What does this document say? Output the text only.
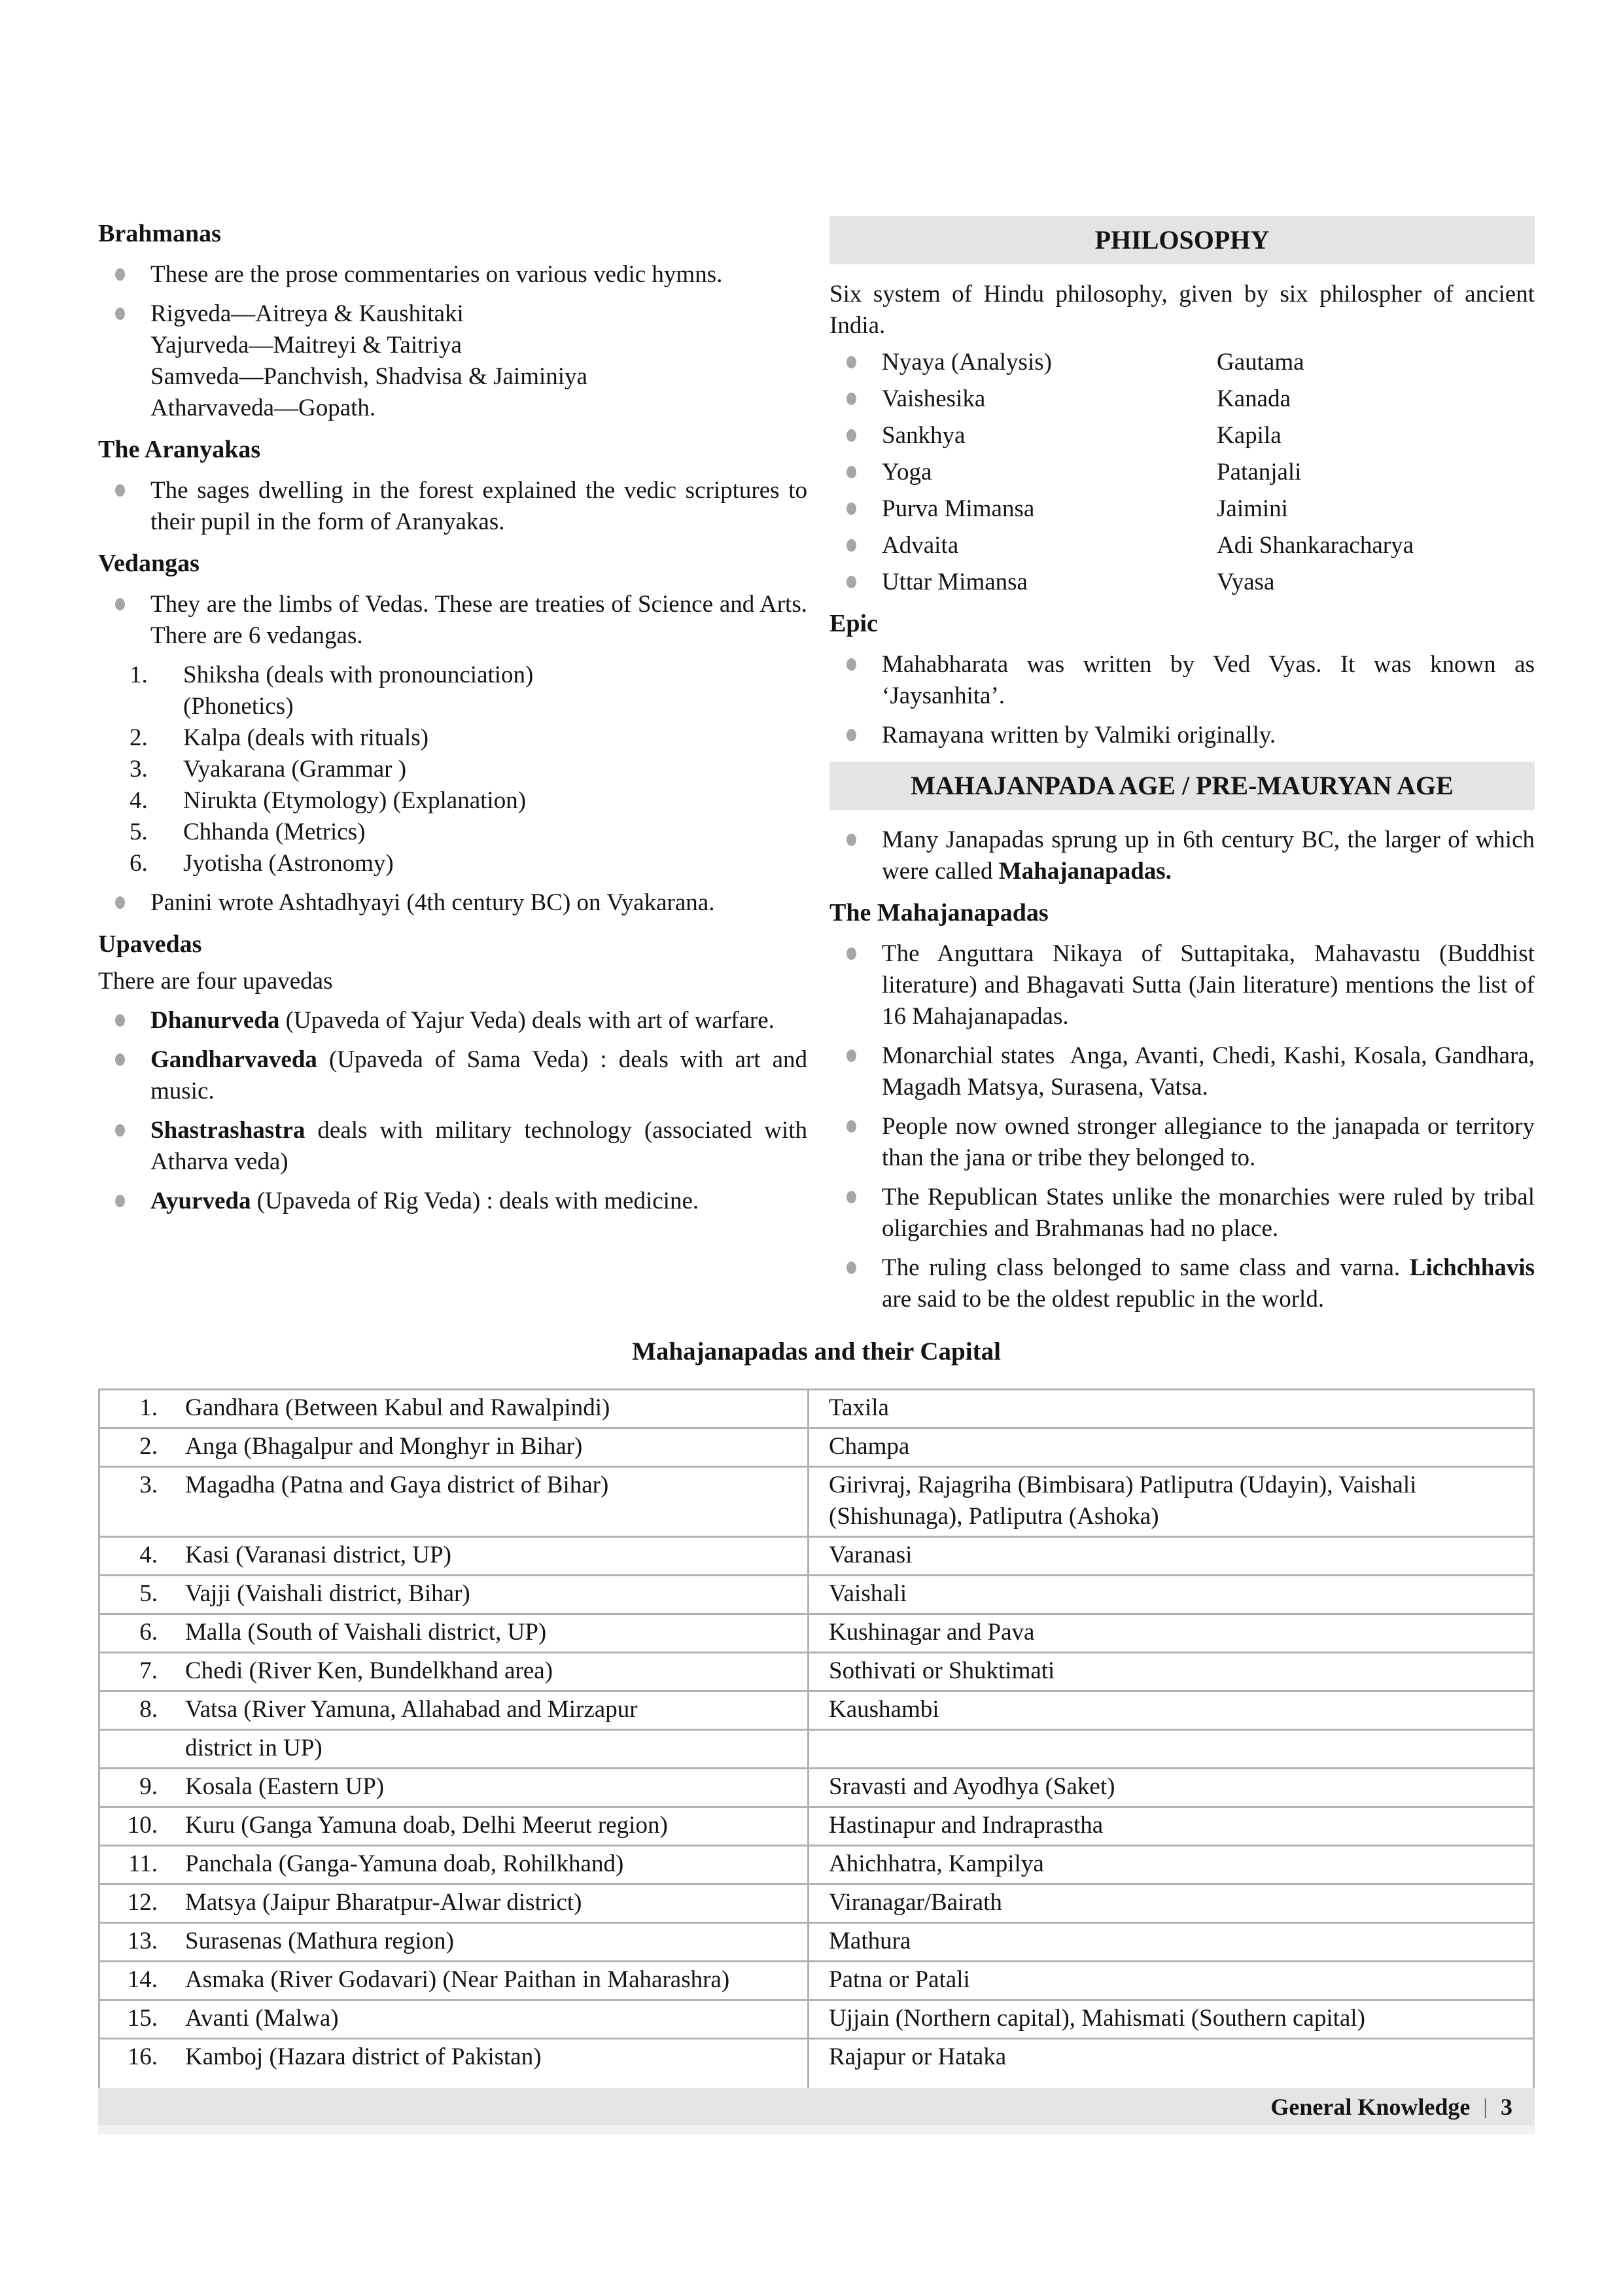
Brahmanas
These are the prose commentaries on various vedic hymns.
Rigveda—Aitreya & Kaushitaki
Yajurveda—Maitreyi & Taitriya
Samveda—Panchvish, Shadvisa & Jaiminiya
Atharvaveda—Gopath.
The Aranyakas
The sages dwelling in the forest explained the vedic scriptures to their pupil in the form of Aranyakas.
Vedangas
They are the limbs of Vedas. These are treaties of Science and Arts. There are 6 vedangas.
1. Shiksha (deals with pronounciation)
(Phonetics)
2. Kalpa (deals with rituals)
3. Vyakarana (Grammar )
4. Nirukta (Etymology) (Explanation)
5. Chhanda (Metrics)
6. Jyotisha (Astronomy)
Panini wrote Ashtadhyayi (4th century BC) on Vyakarana.
Upavedas
There are four upavedas
Dhanurveda (Upaveda of Yajur Veda) deals with art of warfare.
Gandharvaveda (Upaveda of Sama Veda) : deals with art and music.
Shastrashastra deals with military technology (associated with Atharva veda)
Ayurveda (Upaveda of Rig Veda) : deals with medicine.
PHILOSOPHY
Six system of Hindu philosophy, given by six philospher of ancient India.
Nyaya (Analysis)	Gautama
Vaishesika	Kanada
Sankhya	Kapila
Yoga	Patanjali
Purva Mimansa	Jaimini
Advaita	Adi Shankaracharya
Uttar Mimansa	Vyasa
Epic
Mahabharata was written by Ved Vyas. It was known as ‘Jaysanhita’.
Ramayana written by Valmiki originally.
MAHAJANPADA AGE / PRE-MAURYAN AGE
Many Janapadas sprung up in 6th century BC, the larger of which were called Mahajanapadas.
The Mahajanapadas
The Anguttara Nikaya of Suttapitaka, Mahavastu (Buddhist literature) and Bhagavati Sutta (Jain literature) mentions the list of 16 Mahajanapadas.
Monarchial states  Anga, Avanti, Chedi, Kashi, Kosala, Gandhara, Magadh Matsya, Surasena, Vatsa.
People now owned stronger allegiance to the janapada or territory than the jana or tribe they belonged to.
The Republican States unlike the monarchies were ruled by tribal oligarchies and Brahmanas had no place.
The ruling class belonged to same class and varna. Lichchhavis are said to be the oldest republic in the world.
Mahajanapadas and their Capital
1. Gandhara (Between Kabul and Rawalpindi)	Taxila

2. Anga (Bhagalpur and Monghyr in Bihar)	Champa

3. Magadha (Patna and Gaya district of Bihar)	Girivraj, Rajagriha (Bimbisara) Patliputra (Udayin), Vaishali (Shishunaga), Patliputra (Ashoka)

4. Kasi (Varanasi district, UP)	Varanasi

5. Vajji (Vaishali district, Bihar)	Vaishali

6. Malla (South of Vaishali district, UP)	Kushinagar and Pava

7. Chedi (River Ken, Bundelkhand area)	Sothivati or Shuktimati

8. Vatsa (River Yamuna, Allahabad and Mirzapur	Kaushambi

district in UP)	

9. Kosala (Eastern UP)	Sravasti and Ayodhya (Saket)

10. Kuru (Ganga Yamuna doab, Delhi Meerut region)	Hastinapur and Indraprastha

11. Panchala (Ganga-Yamuna doab, Rohilkhand)	Ahichhatra, Kampilya

12. Matsya (Jaipur Bharatpur-Alwar district)	Viranagar/Bairath

13. Surasenas (Mathura region)	Mathura

14. Asmaka (River Godavari) (Near Paithan in Maharashra)	Patna or Patali

15. Avanti (Malwa)	Ujjain (Northern capital), Mahismati (Southern capital)

16. Kamboj (Hazara district of Pakistan)	Rajapur or Hataka
General Knowledge | 3
